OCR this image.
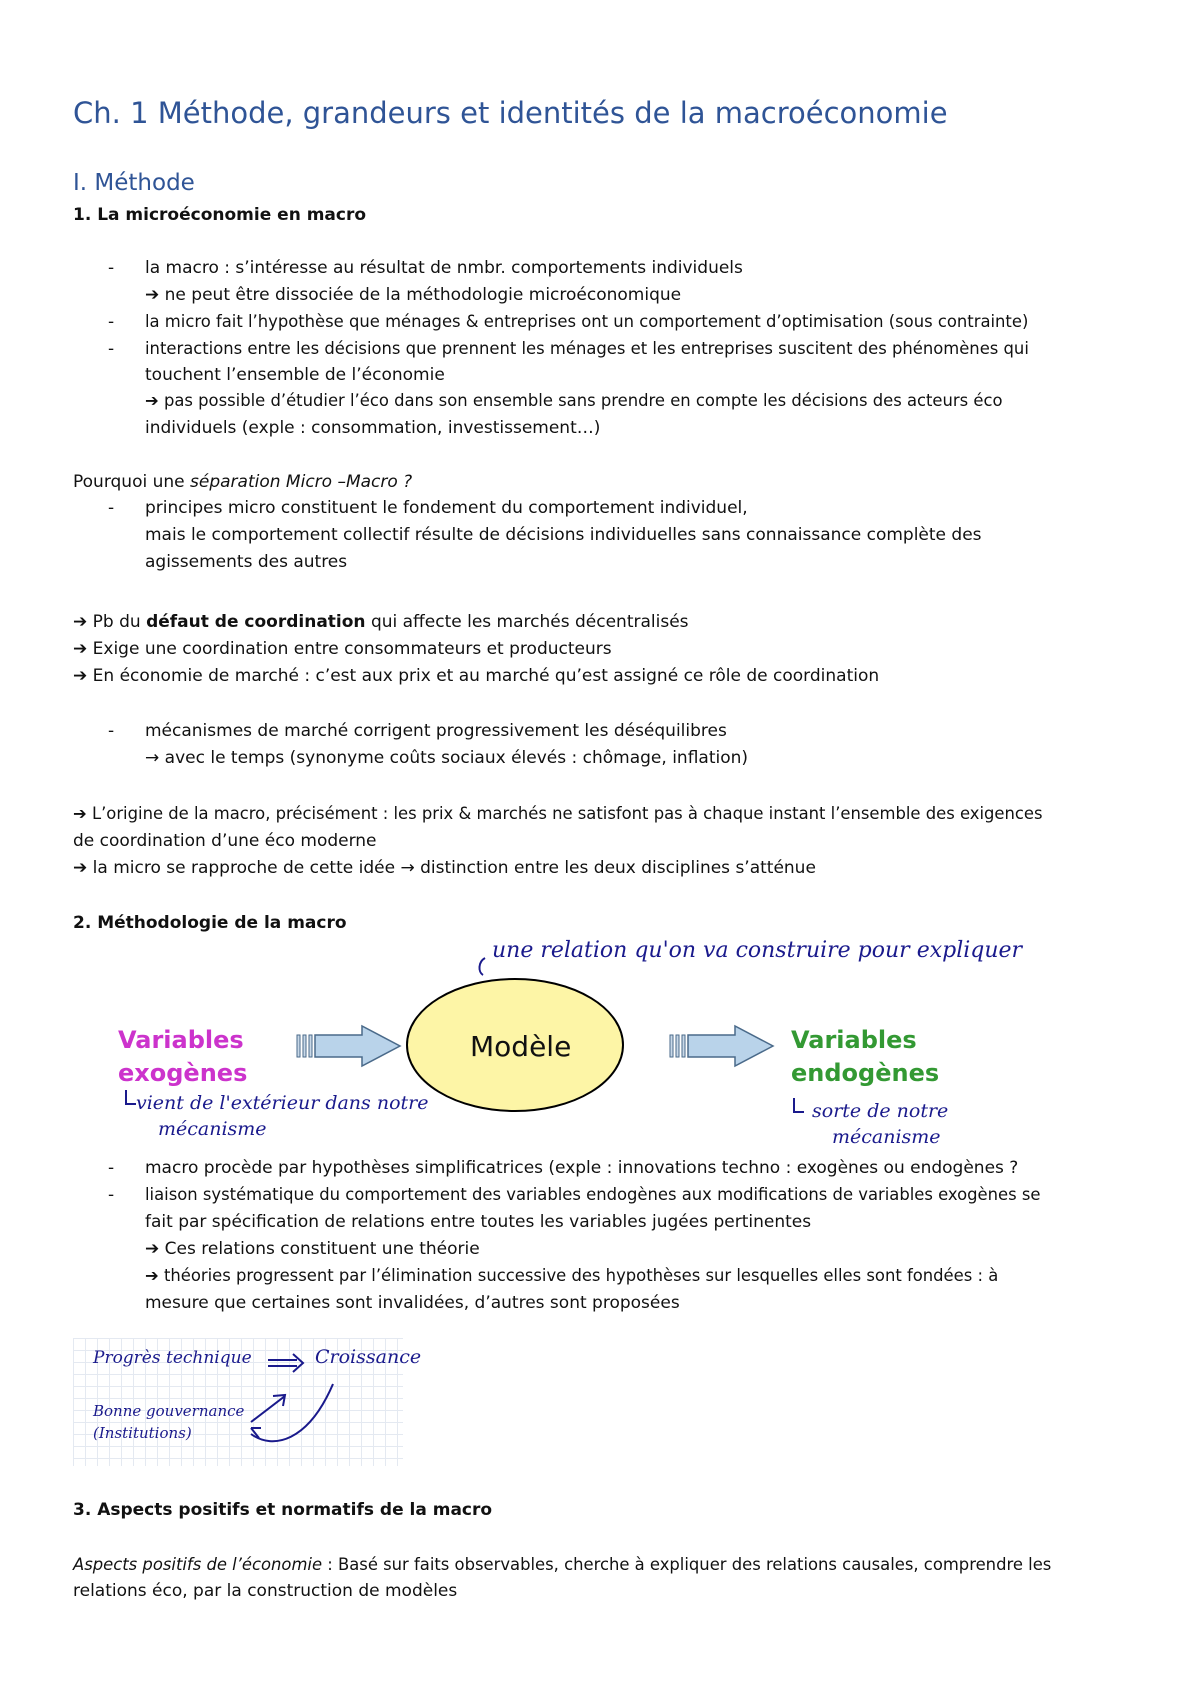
Ch. 1 Méthode, grandeurs et identités de la macroéconomie
I. Méthode
1. La microéconomie en macro
- la macro : s’intéresse au résultat de nmbr. comportements individuels
➔ ne peut être dissociée de la méthodologie microéconomique
- la micro fait l’hypothèse que ménages & entreprises ont un comportement d’optimisation (sous contrainte)
- interactions entre les décisions que prennent les ménages et les entreprises suscitent des phénomènes qui
touchent l’ensemble de l’économie
➔ pas possible d’étudier l’éco dans son ensemble sans prendre en compte les décisions des acteurs éco
individuels (exple : consommation, investissement…)
Pourquoi une séparation Micro –Macro ?
- principes micro constituent le fondement du comportement individuel,
mais le comportement collectif résulte de décisions individuelles sans connaissance complète des
agissements des autres
➔ Pb du défaut de coordination qui affecte les marchés décentralisés
➔ Exige une coordination entre consommateurs et producteurs
➔ En économie de marché : c’est aux prix et au marché qu’est assigné ce rôle de coordination
- mécanismes de marché corrigent progressivement les déséquilibres
→ avec le temps (synonyme coûts sociaux élevés : chômage, inflation)
➔ L’origine de la macro, précisément : les prix & marchés ne satisfont pas à chaque instant l’ensemble des exigences
de coordination d’une éco moderne
➔ la micro se rapproche de cette idée → distinction entre les deux disciplines s’atténue
2. Méthodologie de la macro
une relation qu'on va construire pour expliquer
Variables
exogènes
Modèle	Variables
endogènes
vient de l'extérieur dans notre
mécanisme
sorte de notre
mécanisme
- macro procède par hypothèses simplificatrices (exple : innovations techno : exogènes ou endogènes ?
- liaison systématique du comportement des variables endogènes aux modifications de variables exogènes se
fait par spécification de relations entre toutes les variables jugées pertinentes
➔ Ces relations constituent une théorie
➔ théories progressent par l’élimination successive des hypothèses sur lesquelles elles sont fondées : à
mesure que certaines sont invalidées, d’autres sont proposées
Progrès technique	Croissance
Bonne gouvernance
(Institutions)
3. Aspects positifs et normatifs de la macro
Aspects positifs de l’économie : Basé sur faits observables, cherche à expliquer des relations causales, comprendre les
relations éco, par la construction de modèles
